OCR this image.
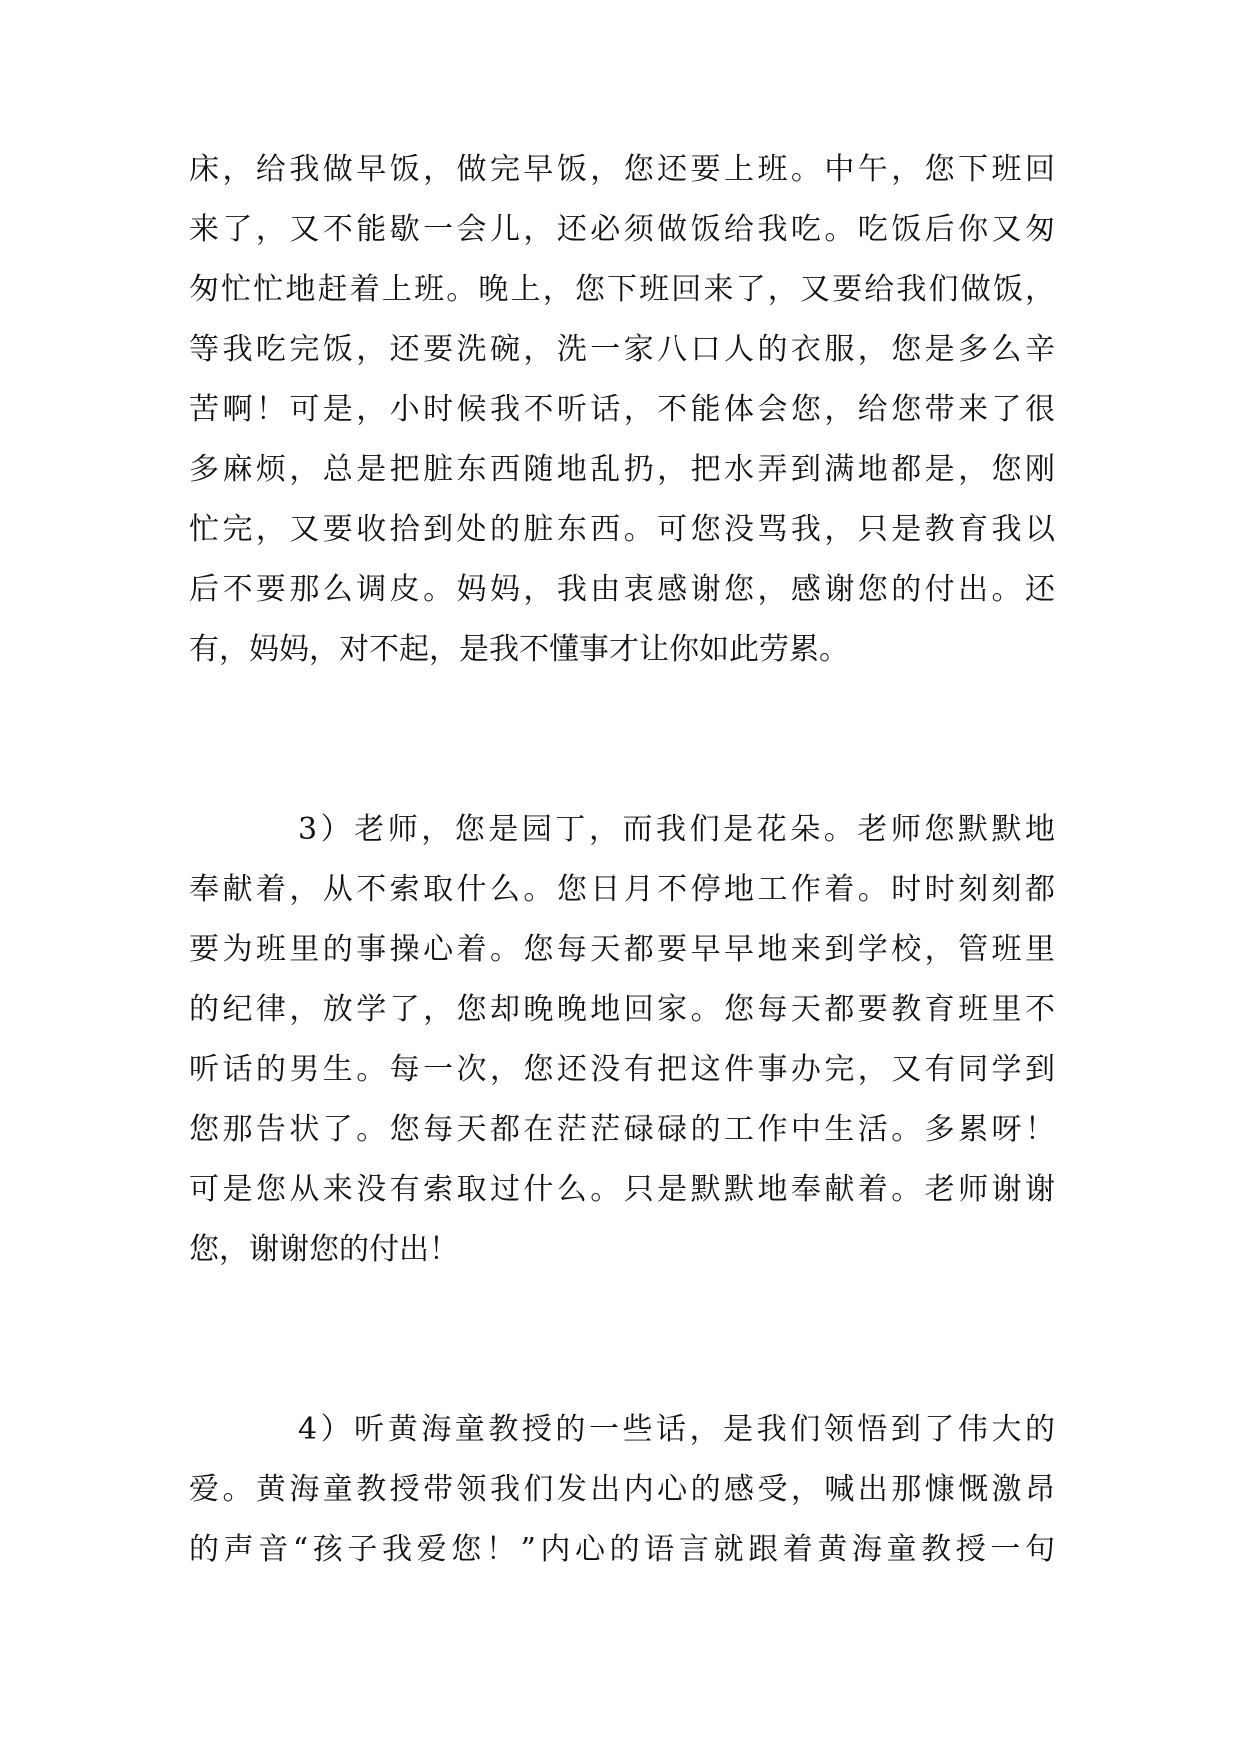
床，给我做早饭，做完早饭，您还要上班。中午，您下班回
来了，又不能歇一会儿，还必须做饭给我吃。吃饭后你又匆
匆忙忙地赶着上班。晚上，您下班回来了，又要给我们做饭，
等我吃完饭，还要洗碗，洗一家八口人的衣服，您是多么辛
苦啊！可是，小时候我不听话，不能体会您，给您带来了很
多麻烦，总是把脏东西随地乱扔，把水弄到满地都是，您刚
忙完，又要收拾到处的脏东西。可您没骂我，只是教育我以
后不要那么调皮。妈妈，我由衷感谢您，感谢您的付出。还
有，妈妈，对不起，是我不懂事才让你如此劳累。
3）老师，您是园丁，而我们是花朵。老师您默默地
奉献着，从不索取什么。您日月不停地工作着。时时刻刻都
要为班里的事操心着。您每天都要早早地来到学校，管班里
的纪律，放学了，您却晚晚地回家。您每天都要教育班里不
听话的男生。每一次，您还没有把这件事办完，又有同学到
您那告状了。您每天都在茫茫碌碌的工作中生活。多累呀！
可是您从来没有索取过什么。只是默默地奉献着。老师谢谢
您，谢谢您的付出！
4）听黄海童教授的一些话，是我们领悟到了伟大的
爱。黄海童教授带领我们发出内心的感受，喊出那慷慨激昂
的声音“孩子我爱您！”内心的语言就跟着黄海童教授一句
